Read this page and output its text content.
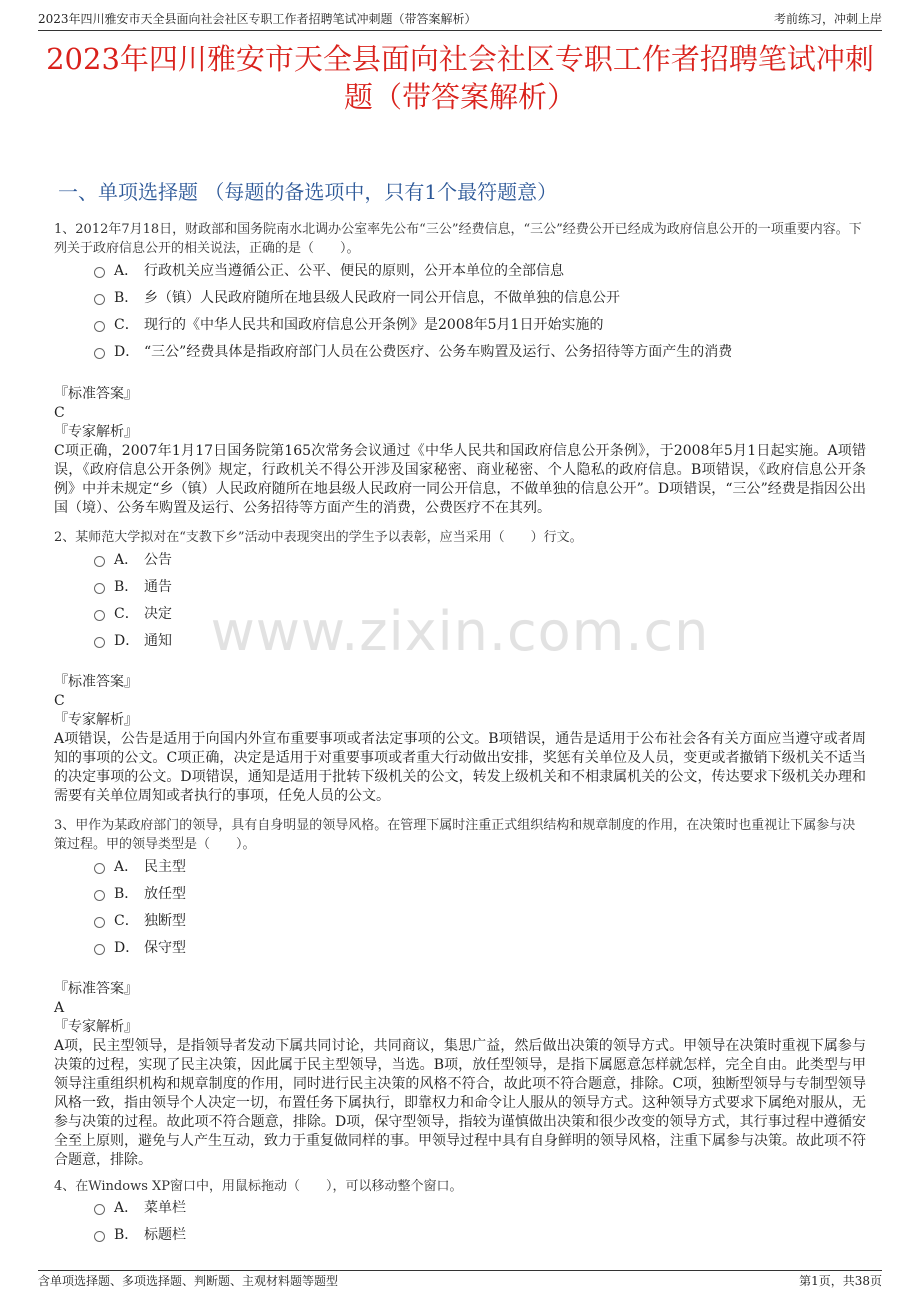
2023年四川雅安市天全县面向社会社区专职工作者招聘笔试冲刺题（带答案解析）	考前练习，冲刺上岸
2023年四川雅安市天全县面向社会社区专职工作者招聘笔试冲刺题（带答案解析）
一、单项选择题 （每题的备选项中，只有1个最符题意）
www.zixin.com.cn
1、2012年7月18日，财政部和国务院南水北调办公室率先公布“三公”经费信息，“三公”经费公开已经成为政府信息公开的一项重要内容。下列关于政府信息公开的相关说法，正确的是（　　）。
A． 行政机关应当遵循公正、公平、便民的原则，公开本单位的全部信息
B． 乡（镇）人民政府随所在地县级人民政府一同公开信息，不做单独的信息公开
C． 现行的《中华人民共和国政府信息公开条例》是2008年5月1日开始实施的
D． “三公”经费具体是指政府部门人员在公费医疗、公务车购置及运行、公务招待等方面产生的消费
『标准答案』
C
『专家解析』
C项正确，2007年1月17日国务院第165次常务会议通过《中华人民共和国政府信息公开条例》，于2008年5月1日起实施。A项错误，《政府信息公开条例》规定，行政机关不得公开涉及国家秘密、商业秘密、个人隐私的政府信息。B项错误，《政府信息公开条例》中并未规定“乡（镇）人民政府随所在地县级人民政府一同公开信息，不做单独的信息公开”。D项错误，“三公”经费是指因公出国（境）、公务车购置及运行、公务招待等方面产生的消费，公费医疗不在其列。
2、某师范大学拟对在“支教下乡”活动中表现突出的学生予以表彰，应当采用（　　）行文。
A． 公告
B． 通告
C． 决定
D． 通知
『标准答案』
C
『专家解析』
A项错误，公告是适用于向国内外宣布重要事项或者法定事项的公文。B项错误，通告是适用于公布社会各有关方面应当遵守或者周知的事项的公文。C项正确，决定是适用于对重要事项或者重大行动做出安排，奖惩有关单位及人员，变更或者撤销下级机关不适当的决定事项的公文。D项错误，通知是适用于批转下级机关的公文，转发上级机关和不相隶属机关的公文，传达要求下级机关办理和需要有关单位周知或者执行的事项，任免人员的公文。
3、甲作为某政府部门的领导，具有自身明显的领导风格。在管理下属时注重正式组织结构和规章制度的作用，在决策时也重视让下属参与决策过程。甲的领导类型是（　　）。
A． 民主型
B． 放任型
C． 独断型
D． 保守型
『标准答案』
A
『专家解析』
A项，民主型领导，是指领导者发动下属共同讨论，共同商议，集思广益，然后做出决策的领导方式。甲领导在决策时重视下属参与决策的过程，实现了民主决策，因此属于民主型领导，当选。B项，放任型领导，是指下属愿意怎样就怎样，完全自由。此类型与甲领导注重组织机构和规章制度的作用，同时进行民主决策的风格不符合，故此项不符合题意，排除。C项，独断型领导与专制型领导风格一致，指由领导个人决定一切，布置任务下属执行，即靠权力和命令让人服从的领导方式。这种领导方式要求下属绝对服从，无参与决策的过程。故此项不符合题意，排除。D项，保守型领导，指较为谨慎做出决策和很少改变的领导方式，其行事过程中遵循安全至上原则，避免与人产生互动，致力于重复做同样的事。甲领导过程中具有自身鲜明的领导风格，注重下属参与决策。故此项不符合题意，排除。
4、在Windows XP窗口中，用鼠标拖动（　　），可以移动整个窗口。
A． 菜单栏
B． 标题栏
含单项选择题、多项选择题、判断题、主观材料题等题型	第1页，共38页
